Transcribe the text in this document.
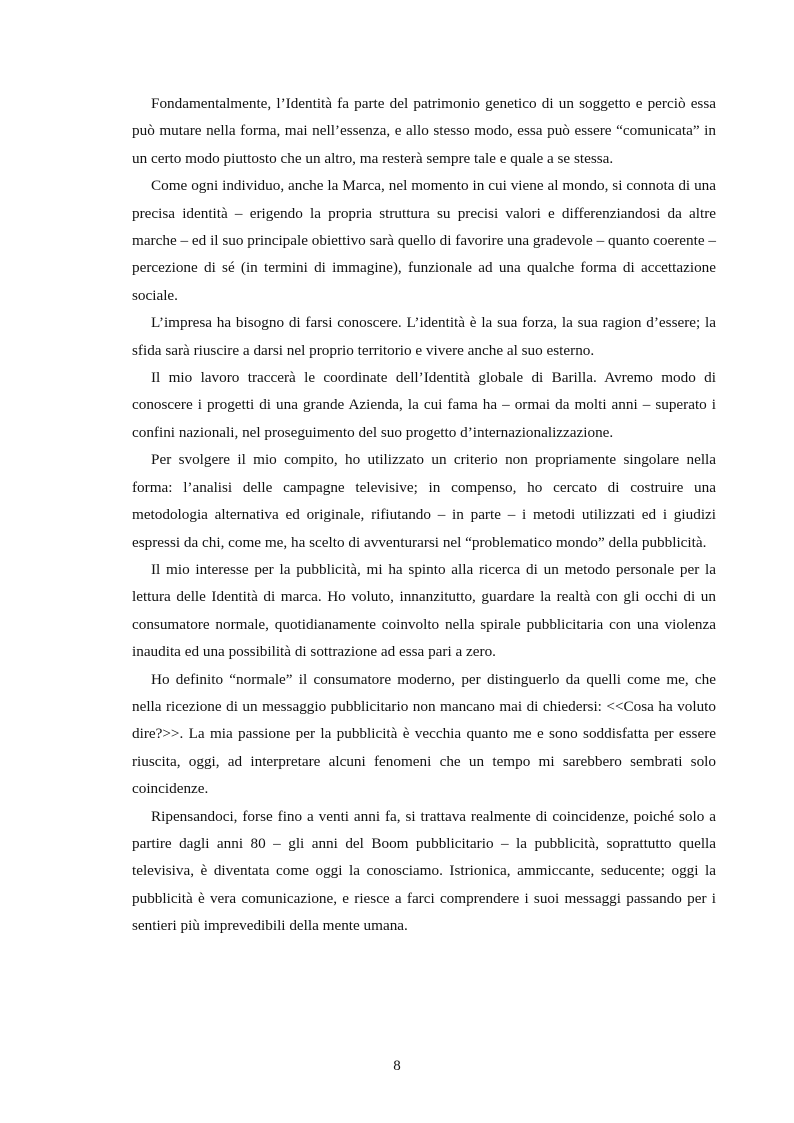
Fondamentalmente, l’Identità fa parte del patrimonio genetico di un soggetto e perciò essa può mutare nella forma, mai nell’essenza, e allo stesso modo, essa può essere “comunicata” in un certo modo piuttosto che un altro, ma resterà sempre tale e quale a se stessa.

Come ogni individuo, anche la Marca, nel momento in cui viene al mondo, si connota di una precisa identità – erigendo la propria struttura su precisi valori e differenziandosi da altre marche – ed il suo principale obiettivo sarà quello di favorire una gradevole – quanto coerente – percezione di sé (in termini di immagine), funzionale ad una qualche forma di accettazione sociale.

L’impresa ha bisogno di farsi conoscere. L’identità è la sua forza, la sua ragion d’essere; la sfida sarà riuscire a darsi nel proprio territorio e vivere anche al suo esterno.

Il mio lavoro traccerà le coordinate dell’Identità globale di Barilla. Avremo modo di conoscere i progetti di una grande Azienda, la cui fama ha – ormai da molti anni – superato i confini nazionali, nel proseguimento del suo progetto d’internazionalizzazione.

Per svolgere il mio compito, ho utilizzato un criterio non propriamente singolare nella forma: l’analisi delle campagne televisive; in compenso, ho cercato di costruire una metodologia alternativa ed originale, rifiutando – in parte – i metodi utilizzati ed i giudizi espressi da chi, come me, ha scelto di avventurarsi nel “problematico mondo” della pubblicità.

Il mio interesse per la pubblicità, mi ha spinto alla ricerca di un metodo personale per la lettura delle Identità di marca. Ho voluto, innanzitutto, guardare la realtà con gli occhi di un consumatore normale, quotidianamente coinvolto nella spirale pubblicitaria con una violenza inaudita ed una possibilità di sottrazione ad essa pari a zero.

Ho definito “normale” il consumatore moderno, per distinguerlo da quelli come me, che nella ricezione di un messaggio pubblicitario non mancano mai di chiedersi: <<Cosa ha voluto dire?>>. La mia passione per la pubblicità è vecchia quanto me e sono soddisfatta per essere riuscita, oggi, ad interpretare alcuni fenomeni che un tempo mi sarebbero sembrati solo coincidenze.

Ripensandoci, forse fino a venti anni fa, si trattava realmente di coincidenze, poiché solo a partire dagli anni 80 – gli anni del Boom pubblicitario – la pubblicità, soprattutto quella televisiva, è diventata come oggi la conosciamo. Istrionica, ammiccante, seducente; oggi la pubblicità è vera comunicazione, e riesce a farci comprendere i suoi messaggi passando per i sentieri più imprevedibili della mente umana.

8
